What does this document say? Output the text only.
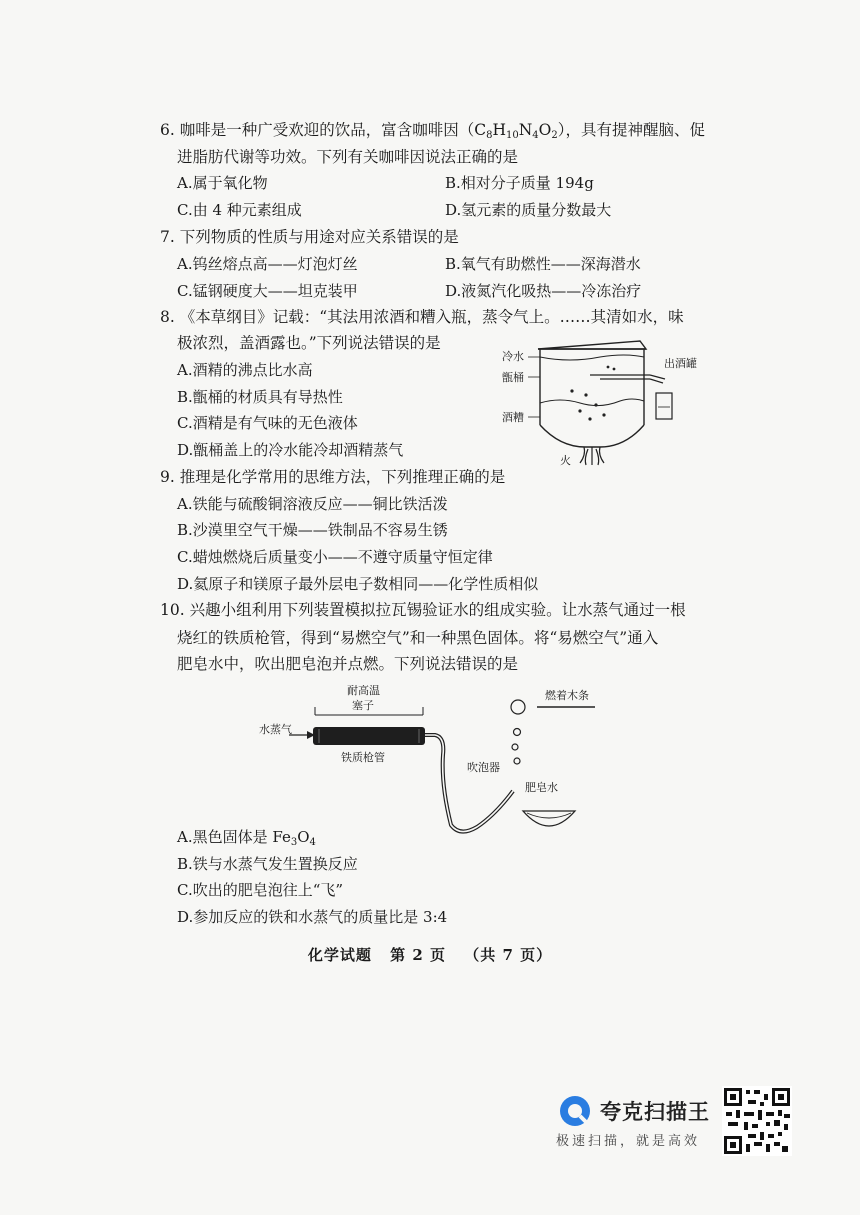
6. 咖啡是一种广受欢迎的饮品，富含咖啡因$(C_8H_{10}N_4O_2)$，具有提神醒脑、促
进脂肪代谢等功效。下列有关咖啡因说法正确的是
A.属于氧化物	B.相对分子质量 194g
C.由 4 种元素组成	D.氢元素的质量分数最大
7. 下列物质的性质与用途对应关系错误的是
A.钨丝熔点高——灯泡灯丝	B.氧气有助燃性——深海潜水
C.锰钢硬度大——坦克装甲	D.液氮汽化吸热——冷冻治疗
8. 《本草纲目》记载：“其法用浓酒和糟入瓶，蒸令气上。……其清如水，味
极浓烈，盖酒露也。”下列说法错误的是
A.酒精的沸点比水高
B.甑桶的材质具有导热性
C.酒精是有气味的无色液体
D.甑桶盖上的冷水能冷却酒精蒸气
冷水
甑桶
酒糟
火
出酒罐
9. 推理是化学常用的思维方法，下列推理正确的是
A.铁能与硫酸铜溶液反应——铜比铁活泼
B.沙漠里空气干燥——铁制品不容易生锈
C.蜡烛燃烧后质量变小——不遵守质量守恒定律
D.氦原子和镁原子最外层电子数相同——化学性质相似
10. 兴趣小组利用下列装置模拟拉瓦锡验证水的组成实验。让水蒸气通过一根
烧红的铁质枪管，得到“易燃空气”和一种黑色固体。将“易燃空气”通入
肥皂水中，吹出肥皂泡并点燃。下列说法错误的是
水蒸气
耐高温
塞子
铁质枪管
吹泡器
肥皂水
燃着木条
A.黑色固体是 $Fe_3O_4$
B.铁与水蒸气发生置换反应
C.吹出的肥皂泡往上“飞”
D.参加反应的铁和水蒸气的质量比是 3:4
化学试题 第 2 页 （共 7 页）
夸克扫描王
极速扫描，就是高效
